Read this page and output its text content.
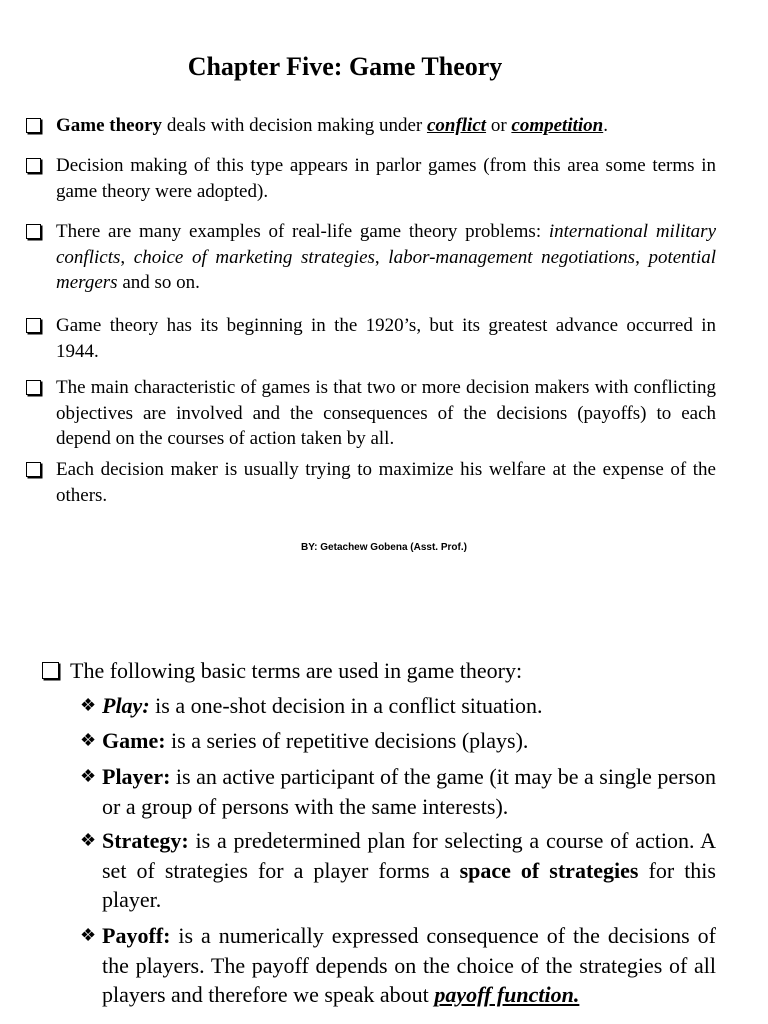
Chapter Five: Game Theory
Game theory deals with decision making under conflict or competition.
Decision making of this type appears in parlor games (from this area some terms in game theory were adopted).
There are many examples of real-life game theory problems: international military conflicts, choice of marketing strategies, labor-management negotiations, potential mergers and so on.
Game theory has its beginning in the 1920’s, but its greatest advance occurred in 1944.
The main characteristic of games is that two or more decision makers with conflicting objectives are involved and the consequences of the decisions (payoffs) to each depend on the courses of action taken by all.
Each decision maker is usually trying to maximize his welfare at the expense of the others.
BY: Getachew Gobena (Asst. Prof.)
The following basic terms are used in game theory:
❖ Play: is a one-shot decision in a conflict situation.
❖ Game: is a series of repetitive decisions (plays).
❖ Player: is an active participant of the game (it may be a single person or a group of persons with the same interests).
❖ Strategy: is a predetermined plan for selecting a course of action. A set of strategies for a player forms a space of strategies for this player.
❖ Payoff: is a numerically expressed consequence of the decisions of the players. The payoff depends on the choice of the strategies of all players and therefore we speak about payoff function.
